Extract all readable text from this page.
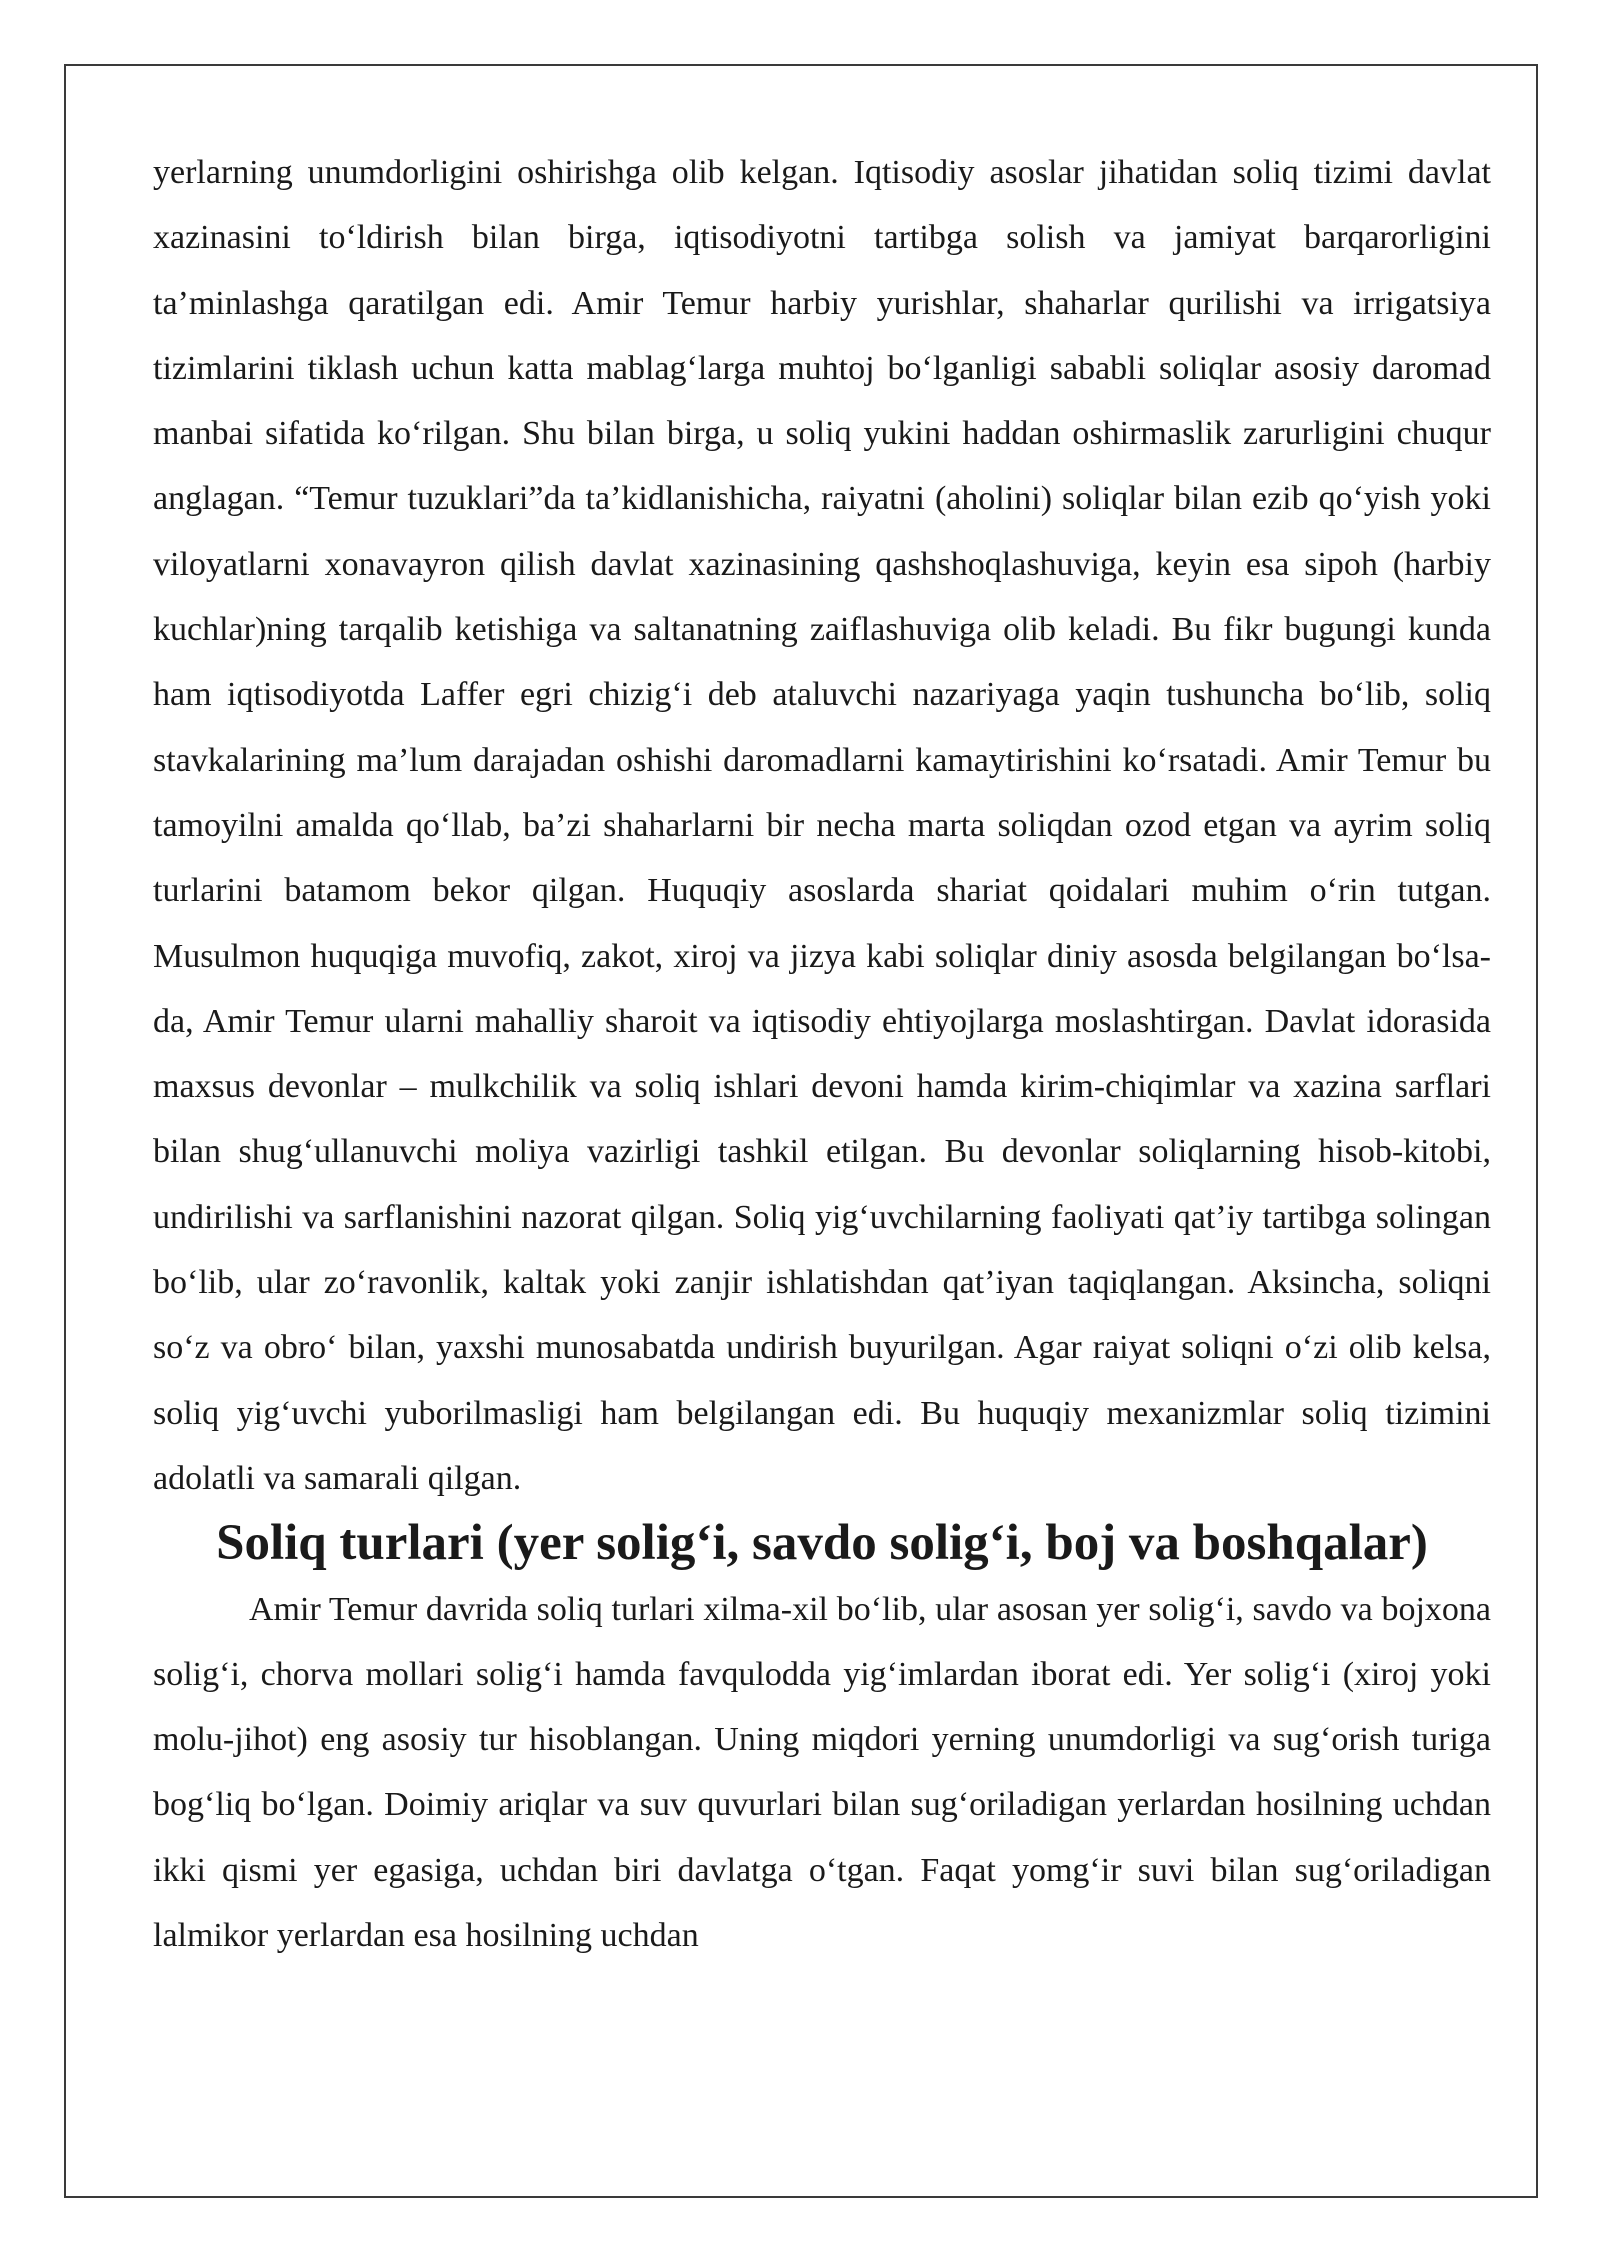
yerlarning unumdorligini oshirishga olib kelgan. Iqtisodiy asoslar jihatidan soliq tizimi davlat xazinasini to‘ldirish bilan birga, iqtisodiyotni tartibga solish va jamiyat barqarorligini ta’minlashga qaratilgan edi. Amir Temur harbiy yurishlar, shaharlar qurilishi va irrigatsiya tizimlarini tiklash uchun katta mablag‘larga muhtoj bo‘lganligi sababli soliqlar asosiy daromad manbai sifatida ko‘rilgan. Shu bilan birga, u soliq yukini haddan oshirmaslik zarurligini chuqur anglagan. “Temur tuzuklari”da ta’kidlanishicha, raiyatni (aholini) soliqlar bilan ezib qo‘yish yoki viloyatlarni xonavayron qilish davlat xazinasining qashshoqlashuviga, keyin esa sipoh (harbiy kuchlar)ning tarqalib ketishiga va saltanatning zaiflashuviga olib keladi. Bu fikr bugungi kunda ham iqtisodiyotda Laffer egri chizig‘i deb ataluvchi nazariyaga yaqin tushuncha bo‘lib, soliq stavkalarining ma’lum darajadan oshishi daromadlarni kamaytirishini ko‘rsatadi. Amir Temur bu tamoyilni amalda qo‘llab, ba’zi shaharlarni bir necha marta soliqdan ozod etgan va ayrim soliq turlarini batamom bekor qilgan. Huquqiy asoslarda shariat qoidalari muhim o‘rin tutgan. Musulmon huquqiga muvofiq, zakot, xiroj va jizya kabi soliqlar diniy asosda belgilangan bo‘lsa-da, Amir Temur ularni mahalliy sharoit va iqtisodiy ehtiyojlarga moslashtirgan. Davlat idorasida maxsus devonlar – mulkchilik va soliq ishlari devoni hamda kirim-chiqimlar va xazina sarflari bilan shug‘ullanuvchi moliya vazirligi tashkil etilgan. Bu devonlar soliqlarning hisob-kitobi, undirilishi va sarflanishini nazorat qilgan. Soliq yig‘uvchilarning faoliyati qat’iy tartibga solingan bo‘lib, ular zo‘ravonlik, kaltak yoki zanjir ishlatishdan qat’iyan taqiqlangan. Aksincha, soliqni so‘z va obro‘ bilan, yaxshi munosabatda undirish buyurilgan. Agar raiyat soliqni o‘zi olib kelsa, soliq yig‘uvchi yuborilmasligi ham belgilangan edi. Bu huquqiy mexanizmlar soliq tizimini adolatli va samarali qilgan.

Soliq turlari (yer solig‘i, savdo solig‘i, boj va boshqalar)

Amir Temur davrida soliq turlari xilma-xil bo‘lib, ular asosan yer solig‘i, savdo va bojxona solig‘i, chorva mollari solig‘i hamda favqulodda yig‘imlardan iborat edi. Yer solig‘i (xiroj yoki molu-jihot) eng asosiy tur hisoblangan. Uning miqdori yerning unumdorligi va sug‘orish turiga bog‘liq bo‘lgan. Doimiy ariqlar va suv quvurlari bilan sug‘oriladigan yerlardan hosilning uchdan ikki qismi yer egasiga, uchdan biri davlatga o‘tgan. Faqat yomg‘ir suvi bilan sug‘oriladigan lalmikor yerlardan esa hosilning uchdan
